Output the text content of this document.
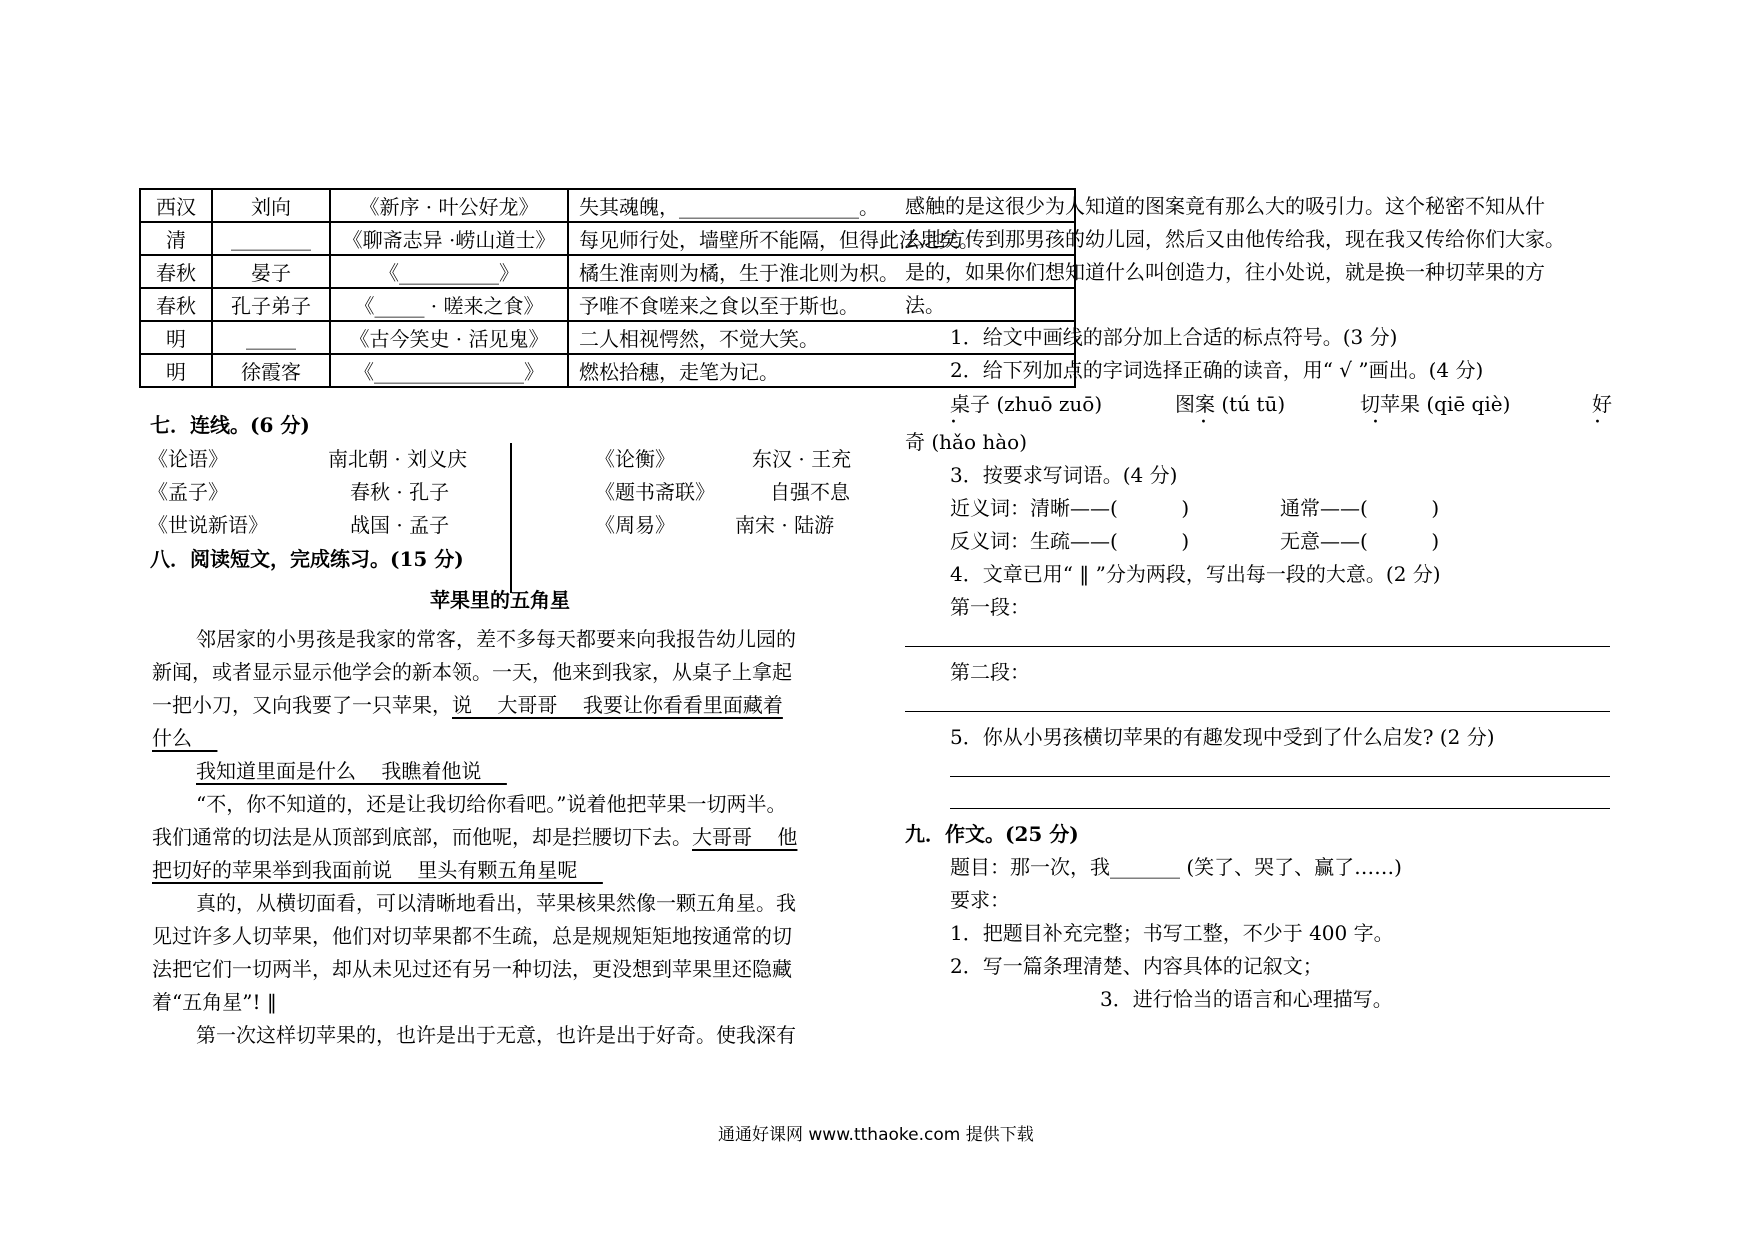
西汉	刘向	《新序 · 叶公好龙》	失其魂魄，__________________。
清	________	《聊斋志异 ·崂山道士》	每见师行处，墙壁所不能隔，但得此法足矣。
春秋	晏子	《__________》	橘生淮南则为橘，生于淮北则为枳。
春秋	孔子弟子	《_____ · 嗟来之食》	予唯不食嗟来之食以至于斯也。
明	_____	《古今笑史 · 活见鬼》	二人相视愕然，不觉大笑。
明	徐霞客	《_______________》	燃松拾穗，走笔为记。
七．连线。(6 分)
《论语》
《孟子》
《世说新语》
南北朝 · 刘义庆
春秋 · 孔子
战国 · 孟子
《论衡》
《题书斋联》
《周易》
东汉 · 王充
自强不息
南宋 · 陆游
八．阅读短文，完成练习。(15 分)
苹果里的五角星
邻居家的小男孩是我家的常客，差不多每天都要来向我报告幼儿园的
新闻，或者显示显示他学会的新本领。一天，他来到我家，从桌子上拿起
一把小刀，又向我要了一只苹果，说    大哥哥    我要让你看看里面藏着
什么
我知道里面是什么    我瞧着他说
“不，你不知道的，还是让我切给你看吧。”说着他把苹果一切两半。
我们通常的切法是从顶部到底部，而他呢，却是拦腰切下去。大哥哥    他
把切好的苹果举到我面前说    里头有颗五角星呢
真的，从横切面看，可以清晰地看出，苹果核果然像一颗五角星。我
见过许多人切苹果，他们对切苹果都不生疏，总是规规矩矩地按通常的切
法把它们一切两半，却从未见过还有另一种切法，更没想到苹果里还隐藏
着“五角星”! ‖
第一次这样切苹果的，也许是出于无意，也许是出于好奇。使我深有
感触的是这很少为人知道的图案竟有那么大的吸引力。这个秘密不知从什
么地方传到那男孩的幼儿园，然后又由他传给我，现在我又传给你们大家。
是的，如果你们想知道什么叫创造力，往小处说，就是换一种切苹果的方
法。
1．给文中画线的部分加上合适的标点符号。(3 分)
2．给下列加点的字词选择正确的读音，用“ √ ”画出。(4 分)
桌子 (zhuō zuō)	图案 (tú tū)	切苹果 (qiē qiè)	好
奇 (hǎo hào)
·	·	·	·
3．按要求写词语。(4 分)
近义词：清晰——(          )	通常——(          )
反义词：生疏——(          )	无意——(          )
4．文章已用“ ‖ ”分为两段，写出每一段的大意。(2 分)
第一段：
第二段：
5．你从小男孩横切苹果的有趣发现中受到了什么启发? (2 分)
九．作文。(25 分)
题目：那一次，我_______ (笑了、哭了、赢了……)
要求：
1．把题目补充完整；书写工整，不少于 400 字。
2．写一篇条理清楚、内容具体的记叙文；
3．进行恰当的语言和心理描写。
通通好课网 www.tthaoke.com 提供下载
